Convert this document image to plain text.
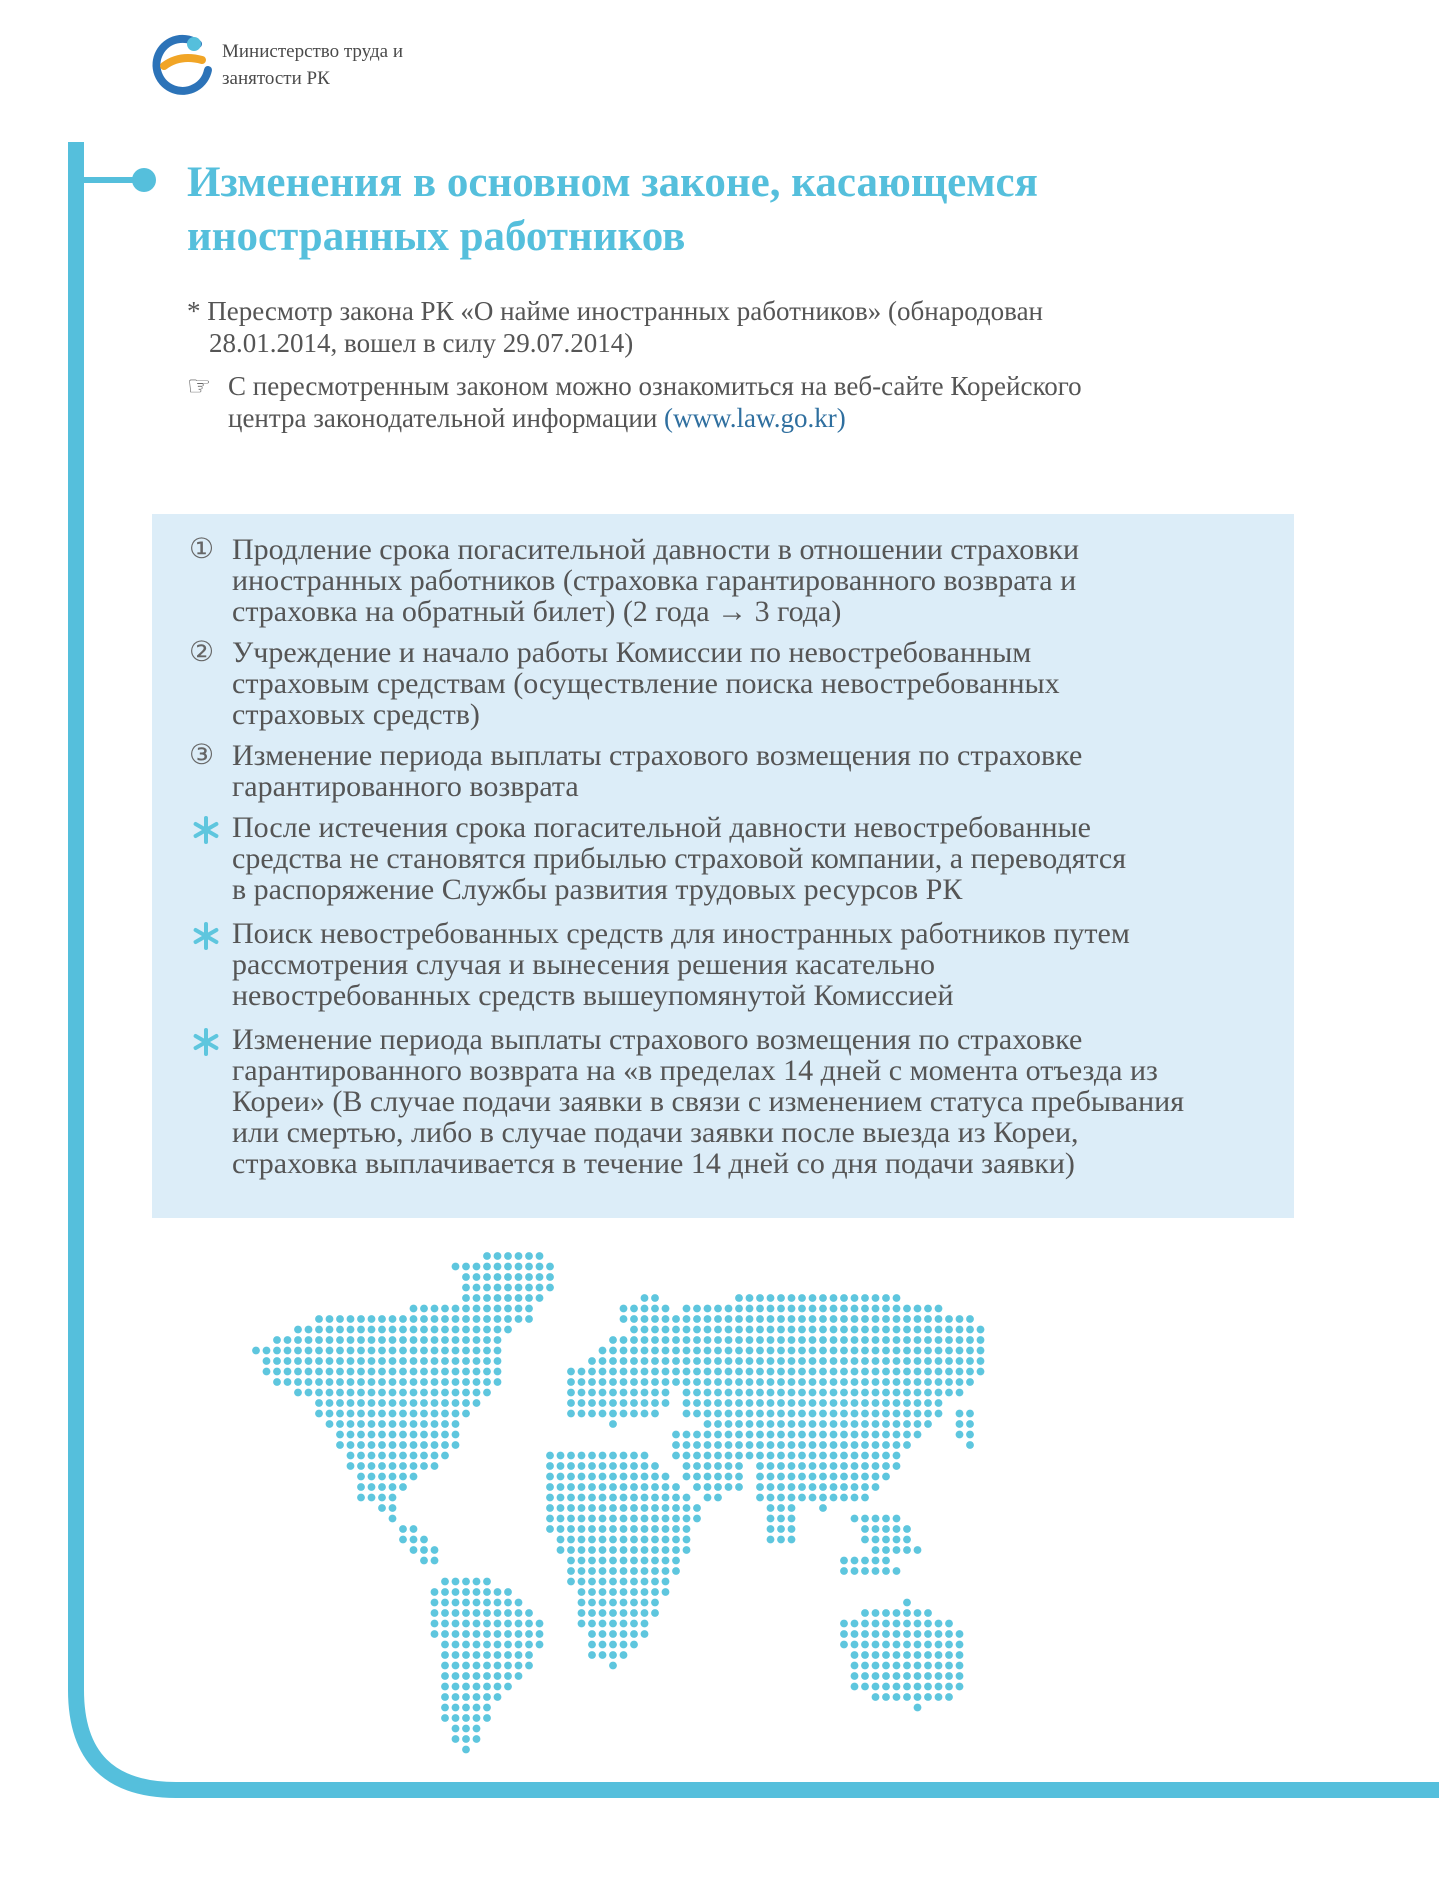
Министерство труда и
занятости РК
Изменения в основном законе, касающемся
иностранных работников
* Пересмотр закона РК «О найме иностранных работников» (обнародован
28.01.2014, вошел в силу 29.07.2014)
☞ С пересмотренным законом можно ознакомиться на веб-сайте Корейского
центра законодательной информации (www.law.go.kr)
① Продление срока погасительной давности в отношении страховки
иностранных работников (страховка гарантированного возврата и
страховка на обратный билет) (2 года → 3 года)
② Учреждение и начало работы Комиссии по невостребованным
страховым средствам (осуществление поиска невостребованных
страховых средств)
③ Изменение периода выплаты страхового возмещения по страховке
гарантированного возврата
После истечения срока погасительной давности невостребованные
средства не становятся прибылью страховой компании, а переводятся
в распоряжение Службы развития трудовых ресурсов РК
Поиск невостребованных средств для иностранных работников путем
рассмотрения случая и вынесения решения касательно
невостребованных средств вышеупомянутой Комиссией
Изменение периода выплаты страхового возмещения по страховке
гарантированного возврата на «в пределах 14 дней с момента отъезда из
Кореи» (В случае подачи заявки в связи с изменением статуса пребывания
или смертью, либо в случае подачи заявки после выезда из Кореи,
страховка выплачивается в течение 14 дней со дня подачи заявки)
